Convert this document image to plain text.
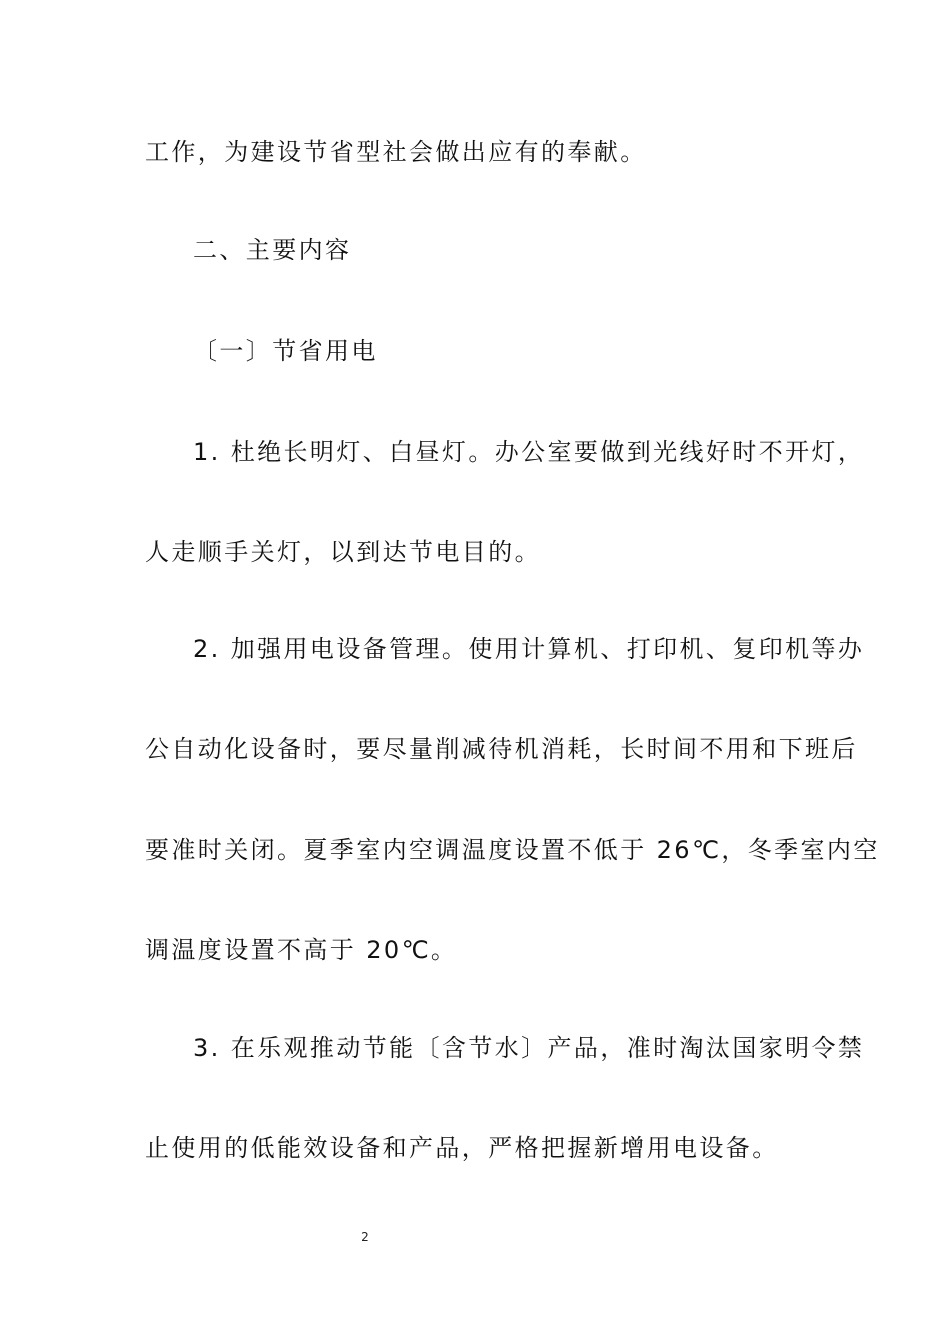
工作，为建设节省型社会做出应有的奉献。
二、主要内容
〔一〕节省用电
1. 杜绝长明灯、白昼灯。办公室要做到光线好时不开灯，
人走顺手关灯，以到达节电目的。
2. 加强用电设备管理。使用计算机、打印机、复印机等办
公自动化设备时，要尽量削减待机消耗，长时间不用和下班后
要准时关闭。夏季室内空调温度设置不低于 26℃，冬季室内空
调温度设置不高于 20℃。
3. 在乐观推动节能〔含节水〕产品，准时淘汰国家明令禁
止使用的低能效设备和产品，严格把握新增用电设备。
2
